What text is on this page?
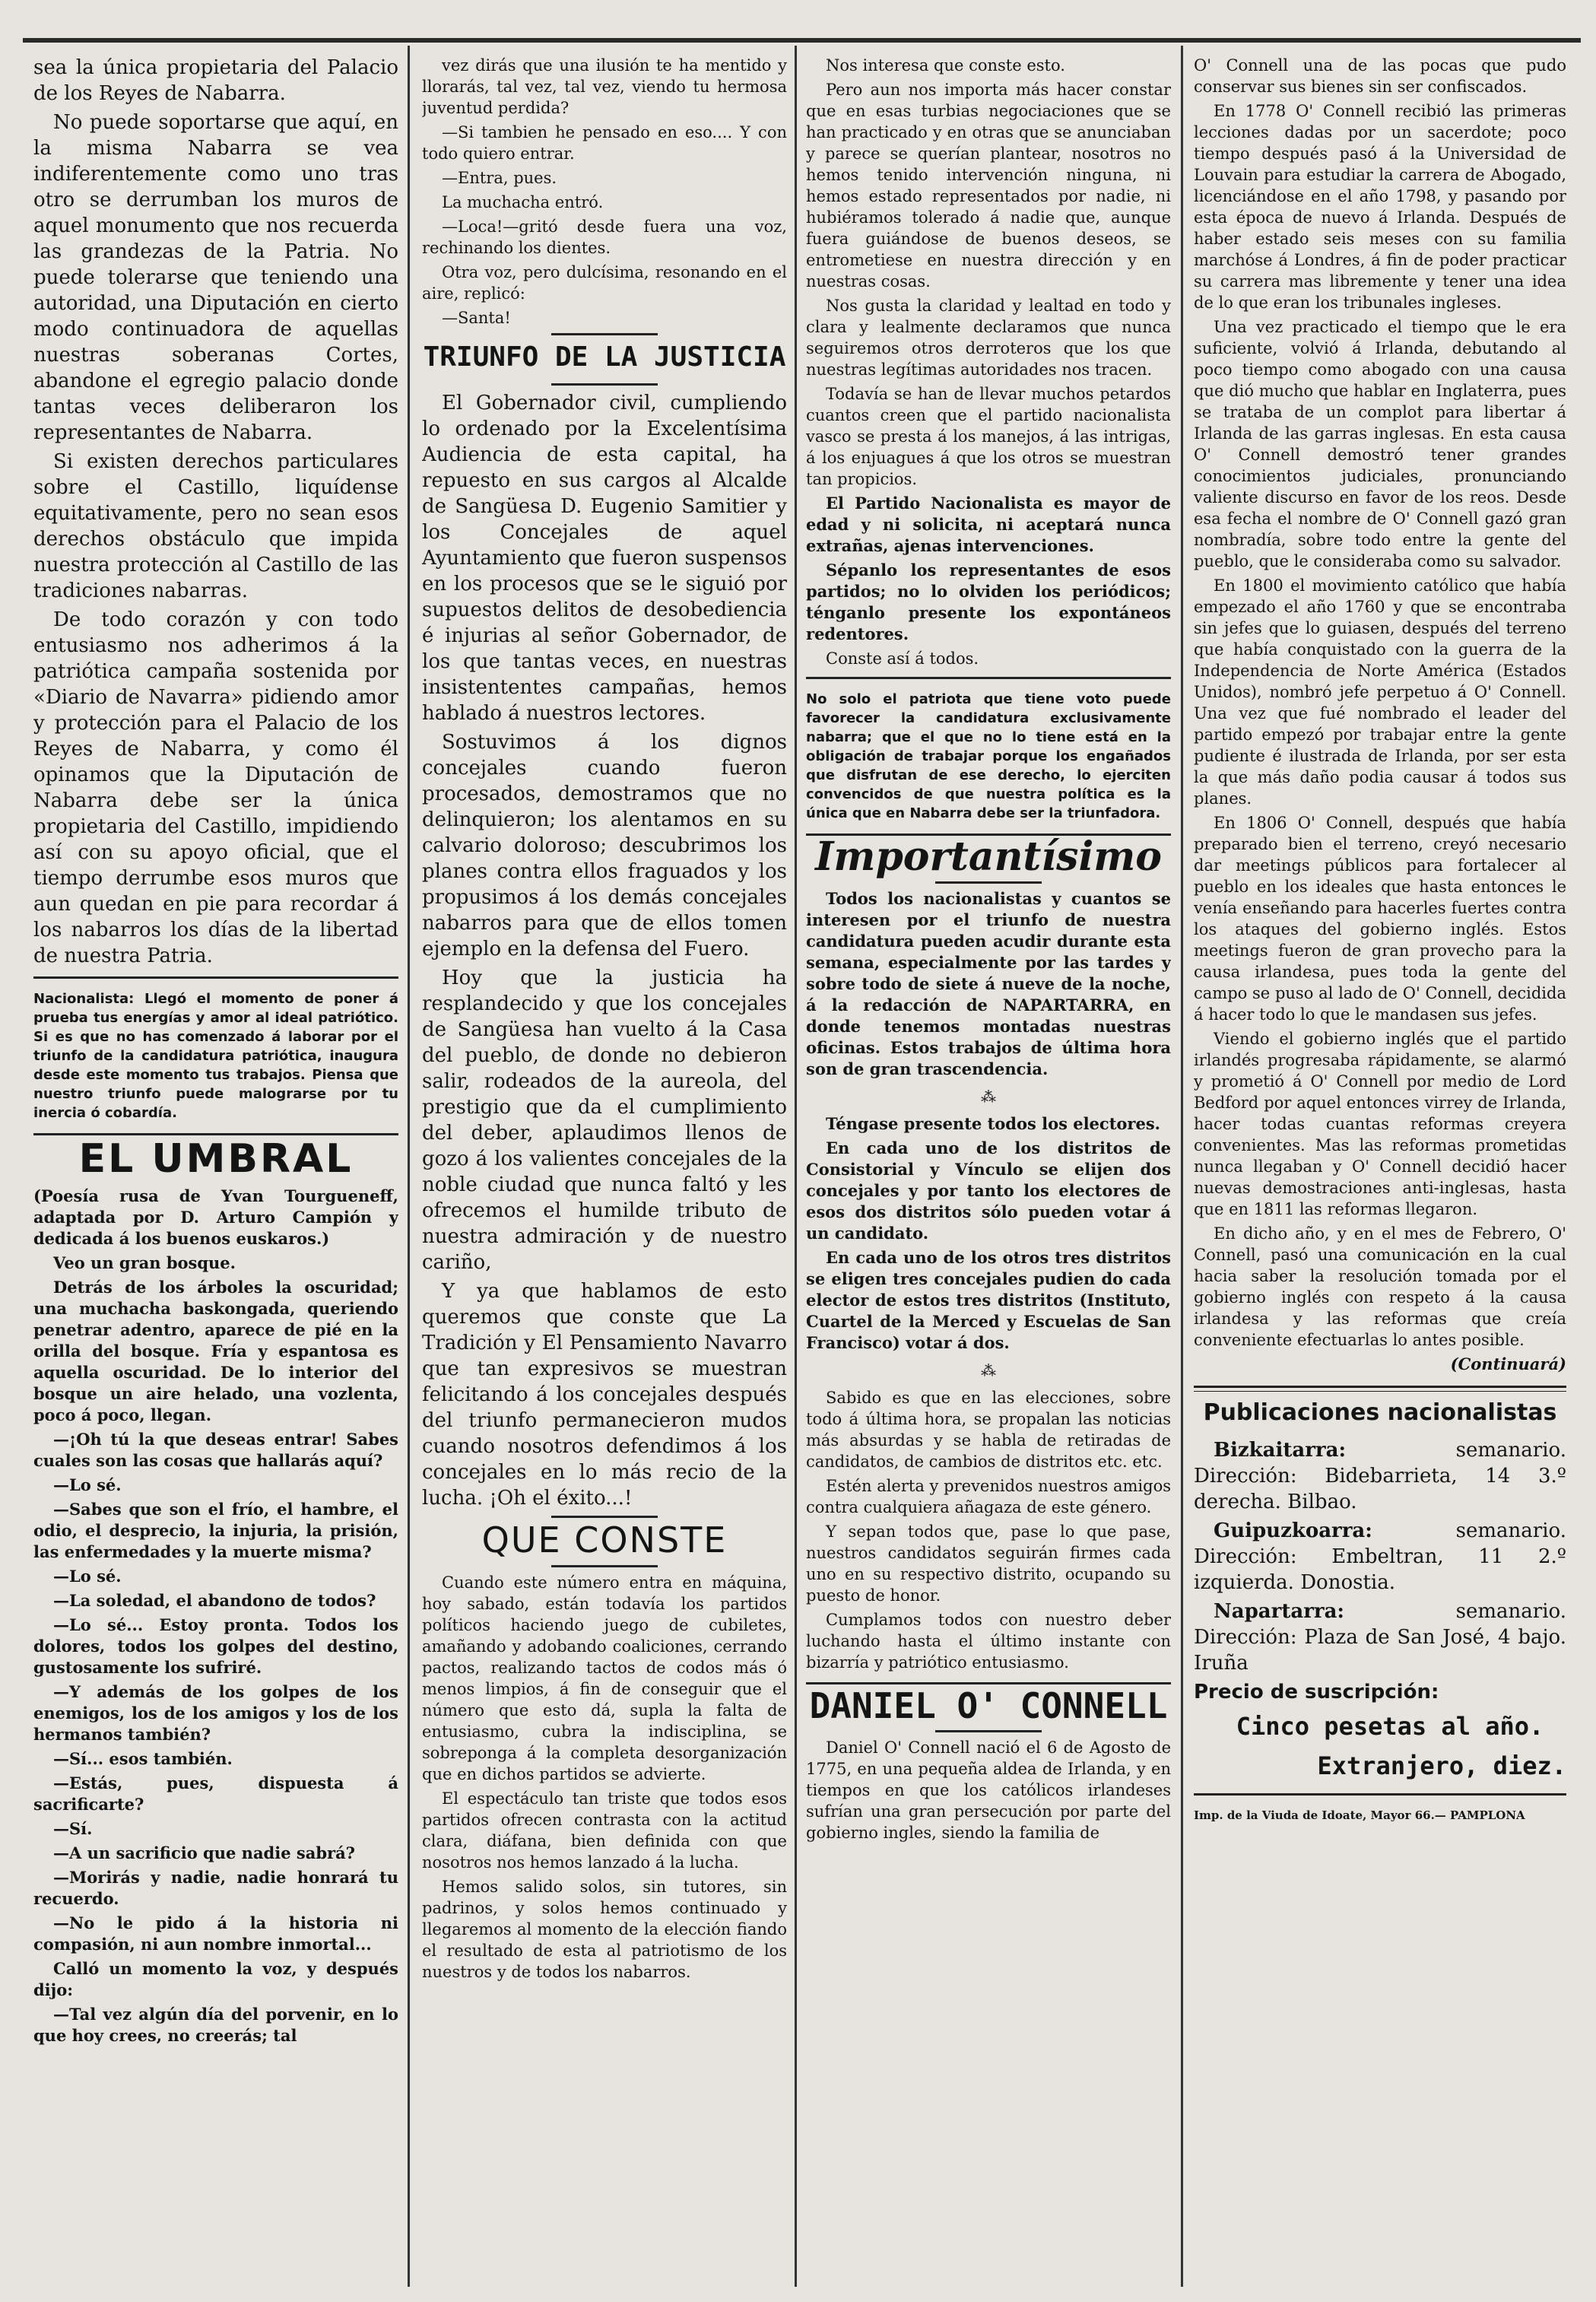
sea la única propietaria del Palacio de los Reyes de Nabarra.

No puede soportarse que aquí, en la misma Nabarra se vea indiferentemente como uno tras otro se derrumban los muros de aquel monumento que nos recuerda las grandezas de la Patria. No puede tolerarse que teniendo una autoridad, una Diputación en cierto modo continuadora de aquellas nuestras soberanas Cortes, abandone el egregio palacio donde tantas veces deliberaron los representantes de Nabarra.

Si existen derechos particulares sobre el Castillo, liquídense equitativamente, pero no sean esos derechos obstáculo que impida nuestra protección al Castillo de las tradiciones nabarras.

De todo corazón y con todo entusiasmo nos adherimos á la patriótica campaña sostenida por «Diario de Navarra» pidiendo amor y protección para el Palacio de los Reyes de Nabarra, y como él opinamos que la Diputación de Nabarra debe ser la única propietaria del Castillo, impidiendo así con su apoyo oficial, que el tiempo derrumbe esos muros que aun quedan en pie para recordar á los nabarros los días de la libertad de nuestra Patria.

Nacionalista: Llegó el momento de poner á prueba tus energías y amor al ideal patriótico. Si es que no has comenzado á laborar por el triunfo de la candidatura patriótica, inaugura desde este momento tus trabajos. Piensa que nuestro triunfo puede malograrse por tu inercia ó cobardía.
EL UMBRAL

(Poesía rusa de Yvan Tourgueneff, adaptada por D. Arturo Campión y dedicada á los buenos euskaros.)

Veo un gran bosque.

Detrás de los árboles la oscuridad; una muchacha baskongada, queriendo penetrar adentro, aparece de pié en la orilla del bosque. Fría y espantosa es aquella oscuridad. De lo interior del bosque un aire helado, una vozlenta, poco á poco, llegan.

—¡Oh tú la que deseas entrar! Sabes cuales son las cosas que hallarás aquí?

—Lo sé.

—Sabes que son el frío, el hambre, el odio, el desprecio, la injuria, la prisión, las enfermedades y la muerte misma?

—Lo sé.

—La soledad, el abandono de todos?

—Lo sé... Estoy pronta. Todos los dolores, todos los golpes del destino, gustosamente los sufriré.

—Y además de los golpes de los enemigos, los de los amigos y los de los hermanos también?

—Sí... esos también.

—Estás, pues, dispuesta á sacrificarte?

—Sí.

—A un sacrificio que nadie sabrá?

—Morirás y nadie, nadie honrará tu recuerdo.

—No le pido á la historia ni compasión, ni aun nombre inmortal...

Calló un momento la voz, y después dijo:

—Tal vez algún día del porvenir, en lo que hoy crees, no creerás; tal

vez dirás que una ilusión te ha mentido y llorarás, tal vez, tal vez, viendo tu hermosa juventud perdida?

—Si tambien he pensado en eso.... Y con todo quiero entrar.

—Entra, pues.

La muchacha entró.

—Loca!—gritó desde fuera una voz, rechinando los dientes.

Otra voz, pero dulcísima, resonando en el aire, replicó:

—Santa!

TRIUNFO DE LA JUSTICIA

El Gobernador civil, cumpliendo lo ordenado por la Excelentísima Audiencia de esta capital, ha repuesto en sus cargos al Alcalde de Sangüesa D. Eugenio Samitier y los Concejales de aquel Ayuntamiento que fueron suspensos en los procesos que se le siguió por supuestos delitos de desobediencia é injurias al señor Gobernador, de los que tantas veces, en nuestras insistententes campañas, hemos hablado á nuestros lectores.

Sostuvimos á los dignos concejales cuando fueron procesados, demostramos que no delinquieron; los alentamos en su calvario doloroso; descubrimos los planes contra ellos fraguados y los propusimos á los demás concejales nabarros para que de ellos tomen ejemplo en la defensa del Fuero.

Hoy que la justicia ha resplandecido y que los concejales de Sangüesa han vuelto á la Casa del pueblo, de donde no debieron salir, rodeados de la aureola, del prestigio que da el cumplimiento del deber, aplaudimos llenos de gozo á los valientes concejales de la noble ciudad que nunca faltó y les ofrecemos el humilde tributo de nuestra admiración y de nuestro cariño,

Y ya que hablamos de esto queremos que conste que La Tradición y El Pensamiento Navarro que tan expresivos se muestran felicitando á los concejales después del triunfo permanecieron mudos cuando nosotros defendimos á los concejales en lo más recio de la lucha. ¡Oh el éxito...!

QUE CONSTE

Cuando este número entra en máquina, hoy sabado, están todavía los partidos políticos haciendo juego de cubiletes, amañando y adobando coaliciones, cerrando pactos, realizando tactos de codos más ó menos limpios, á fin de conseguir que el número que esto dá, supla la falta de entusiasmo, cubra la indisciplina, se sobreponga á la completa desorganización que en dichos partidos se advierte.

El espectáculo tan triste que todos esos partidos ofrecen contrasta con la actitud clara, diáfana, bien definida con que nosotros nos hemos lanzado á la lucha.

Hemos salido solos, sin tutores, sin padrinos, y solos hemos continuado y llegaremos al momento de la elección fiando el resultado de esta al patriotismo de los nuestros y de todos los nabarros.

Nos interesa que conste esto.

Pero aun nos importa más hacer constar que en esas turbias negociaciones que se han practicado y en otras que se anunciaban y parece se querían plantear, nosotros no hemos tenido intervención ninguna, ni hemos estado representados por nadie, ni hubiéramos tolerado á nadie que, aunque fuera guiándose de buenos deseos, se entrometiese en nuestra dirección y en nuestras cosas.

Nos gusta la claridad y lealtad en todo y clara y lealmente declaramos que nunca seguiremos otros derroteros que los que nuestras legítimas autoridades nos tracen.

Todavía se han de llevar muchos petardos cuantos creen que el partido nacionalista vasco se presta á los manejos, á las intrigas, á los enjuagues á que los otros se muestran tan propicios.

El Partido Nacionalista es mayor de edad y ni solicita, ni aceptará nunca extrañas, ajenas intervenciones.

Sépanlo los representantes de esos partidos; no lo olviden los periódicos; ténganlo presente los expontáneos redentores.

Conste así á todos.

No solo el patriota que tiene voto puede favorecer la candidatura exclusivamente nabarra; que el que no lo tiene está en la obligación de trabajar porque los engañados que disfrutan de ese derecho, lo ejerciten convencidos de que nuestra política es la única que en Nabarra debe ser la triunfadora.
Importantísimo

Todos los nacionalistas y cuantos se interesen por el triunfo de nuestra candidatura pueden acudir durante esta semana, especialmente por las tardes y sobre todo de siete á nueve de la noche, á la redacción de NAPARTARRA, en donde tenemos montadas nuestras oficinas. Estos trabajos de última hora son de gran trascendencia.

⁂

Téngase presente todos los electores.

En cada uno de los distritos de Consistorial y Vínculo se elijen dos concejales y por tanto los electores de esos dos distritos sólo pueden votar á un candidato.

En cada uno de los otros tres distritos se eligen tres concejales pudien do cada elector de estos tres distritos (Instituto, Cuartel de la Merced y Escuelas de San Francisco) votar á dos.

⁂

Sabido es que en las elecciones, sobre todo á última hora, se propalan las noticias más absurdas y se habla de retiradas de candidatos, de cambios de distritos etc. etc.

Estén alerta y prevenidos nuestros amigos contra cualquiera añagaza de este género.

Y sepan todos que, pase lo que pase, nuestros candidatos seguirán firmes cada uno en su respectivo distrito, ocupando su puesto de honor.

Cumplamos todos con nuestro deber luchando hasta el último instante con bizarría y patriótico entusiasmo.

DANIEL O' CONNELL

Daniel O' Connell nació el 6 de Agosto de 1775, en una pequeña aldea de Irlanda, y en tiempos en que los católicos irlandeses sufrían una gran persecución por parte del gobierno ingles, siendo la familia de

O' Connell una de las pocas que pudo conservar sus bienes sin ser confiscados.

En 1778 O' Connell recibió las primeras lecciones dadas por un sacerdote; poco tiempo después pasó á la Universidad de Louvain para estudiar la carrera de Abogado, licenciándose en el año 1798, y pasando por esta época de nuevo á Irlanda. Después de haber estado seis meses con su familia marchóse á Londres, á fin de poder practicar su carrera mas libremente y tener una idea de lo que eran los tribunales ingleses.

Una vez practicado el tiempo que le era suficiente, volvió á Irlanda, debutando al poco tiempo como abogado con una causa que dió mucho que hablar en Inglaterra, pues se trataba de un complot para libertar á Irlanda de las garras inglesas. En esta causa O' Connell demostró tener grandes conocimientos judiciales, pronunciando valiente discurso en favor de los reos. Desde esa fecha el nombre de O' Connell gazó gran nombradía, sobre todo entre la gente del pueblo, que le consideraba como su salvador.

En 1800 el movimiento católico que había empezado el año 1760 y que se encontraba sin jefes que lo guiasen, después del terreno que había conquistado con la guerra de la Independencia de Norte América (Estados Unidos), nombró jefe perpetuo á O' Connell. Una vez que fué nombrado el leader del partido empezó por trabajar entre la gente pudiente é ilustrada de Irlanda, por ser esta la que más daño podia causar á todos sus planes.

En 1806 O' Connell, después que había preparado bien el terreno, creyó necesario dar meetings públicos para fortalecer al pueblo en los ideales que hasta entonces le venía enseñando para hacerles fuertes contra los ataques del gobierno inglés. Estos meetings fueron de gran provecho para la causa irlandesa, pues toda la gente del campo se puso al lado de O' Connell, decidida á hacer todo lo que le mandasen sus jefes.

Viendo el gobierno inglés que el partido irlandés progresaba rápidamente, se alarmó y prometió á O' Connell por medio de Lord Bedford por aquel entonces virrey de Irlanda, hacer todas cuantas reformas creyera convenientes. Mas las reformas prometidas nunca llegaban y O' Connell decidió hacer nuevas demostraciones anti-inglesas, hasta que en 1811 las reformas llegaron.

En dicho año, y en el mes de Febrero, O' Connell, pasó una comunicación en la cual hacia saber la resolución tomada por el gobierno inglés con respeto á la causa irlandesa y las reformas que creía conveniente efectuarlas lo antes posible.

(Continuará)

Publicaciones nacionalistas

Bizkaitarra:	semanario. Dirección: Bidebarrieta, 14 3.º derecha. Bilbao.

Guipuzkoarra:	semanario. Dirección: Embeltran, 11 2.º izquierda. Donostia.

Napartarra:	semanario. Dirección: Plaza de San José, 4 bajo. Iruña

Precio de suscripción:

Cinco pesetas al año.

Extranjero, diez.

Imp. de la Viuda de Idoate, Mayor 66.— PAMPLONA
